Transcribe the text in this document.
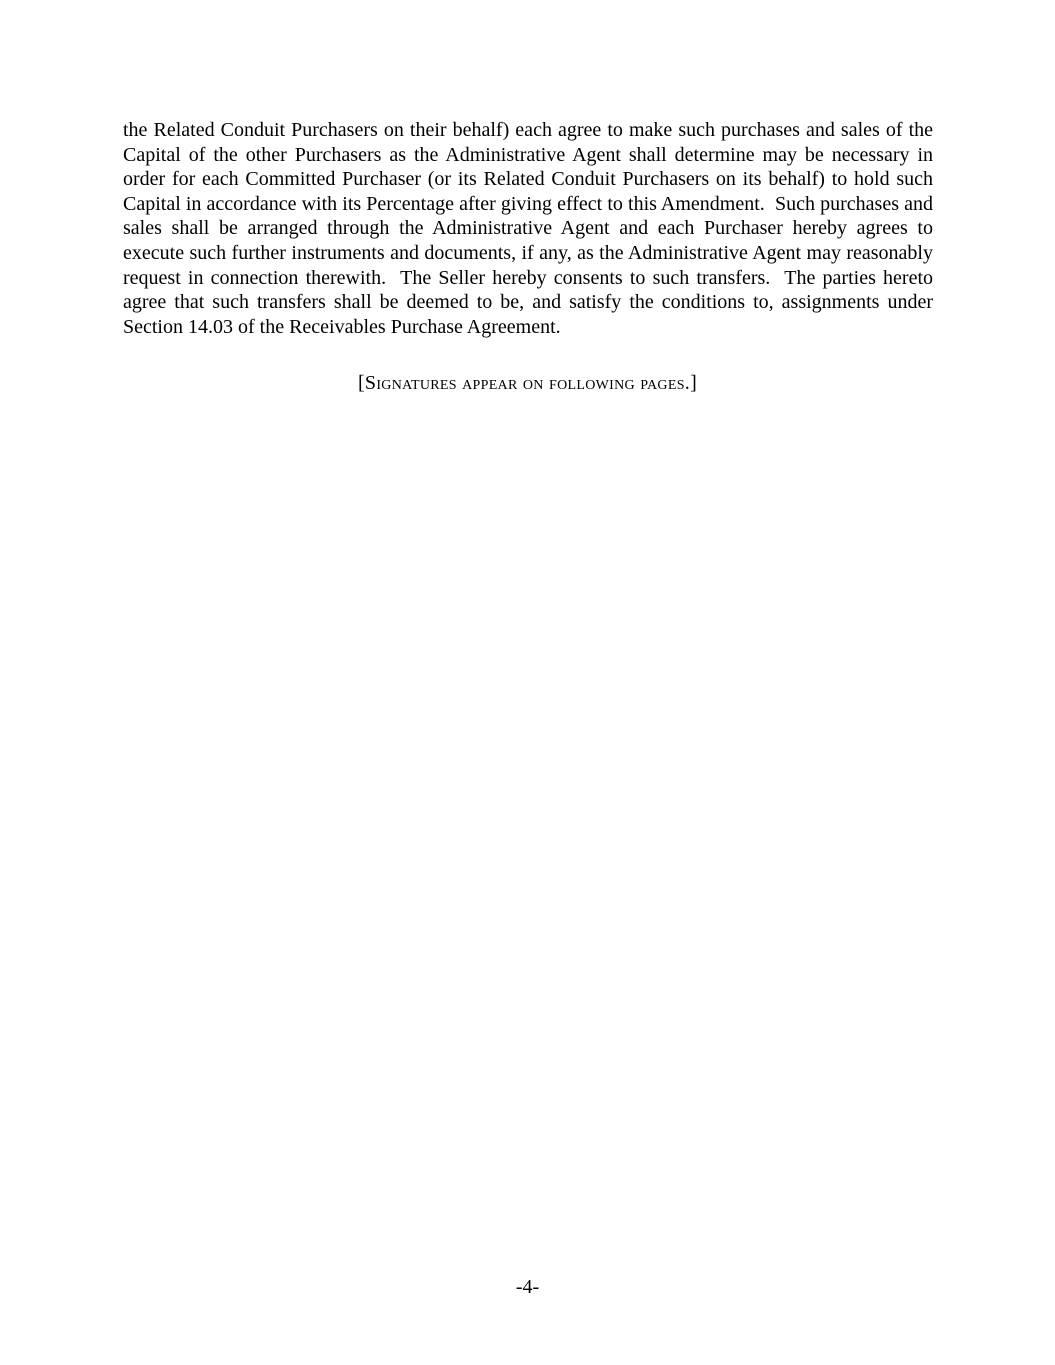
the Related Conduit Purchasers on their behalf) each agree to make such purchases and sales of the Capital of the other Purchasers as the Administrative Agent shall determine may be necessary in order for each Committed Purchaser (or its Related Conduit Purchasers on its behalf) to hold such Capital in accordance with its Percentage after giving effect to this Amendment.  Such purchases and sales shall be arranged through the Administrative Agent and each Purchaser hereby agrees to execute such further instruments and documents, if any, as the Administrative Agent may reasonably request in connection therewith.  The Seller hereby consents to such transfers.  The parties hereto agree that such transfers shall be deemed to be, and satisfy the conditions to, assignments under Section 14.03 of the Receivables Purchase Agreement.
[Signatures appear on following pages.]
-4-
